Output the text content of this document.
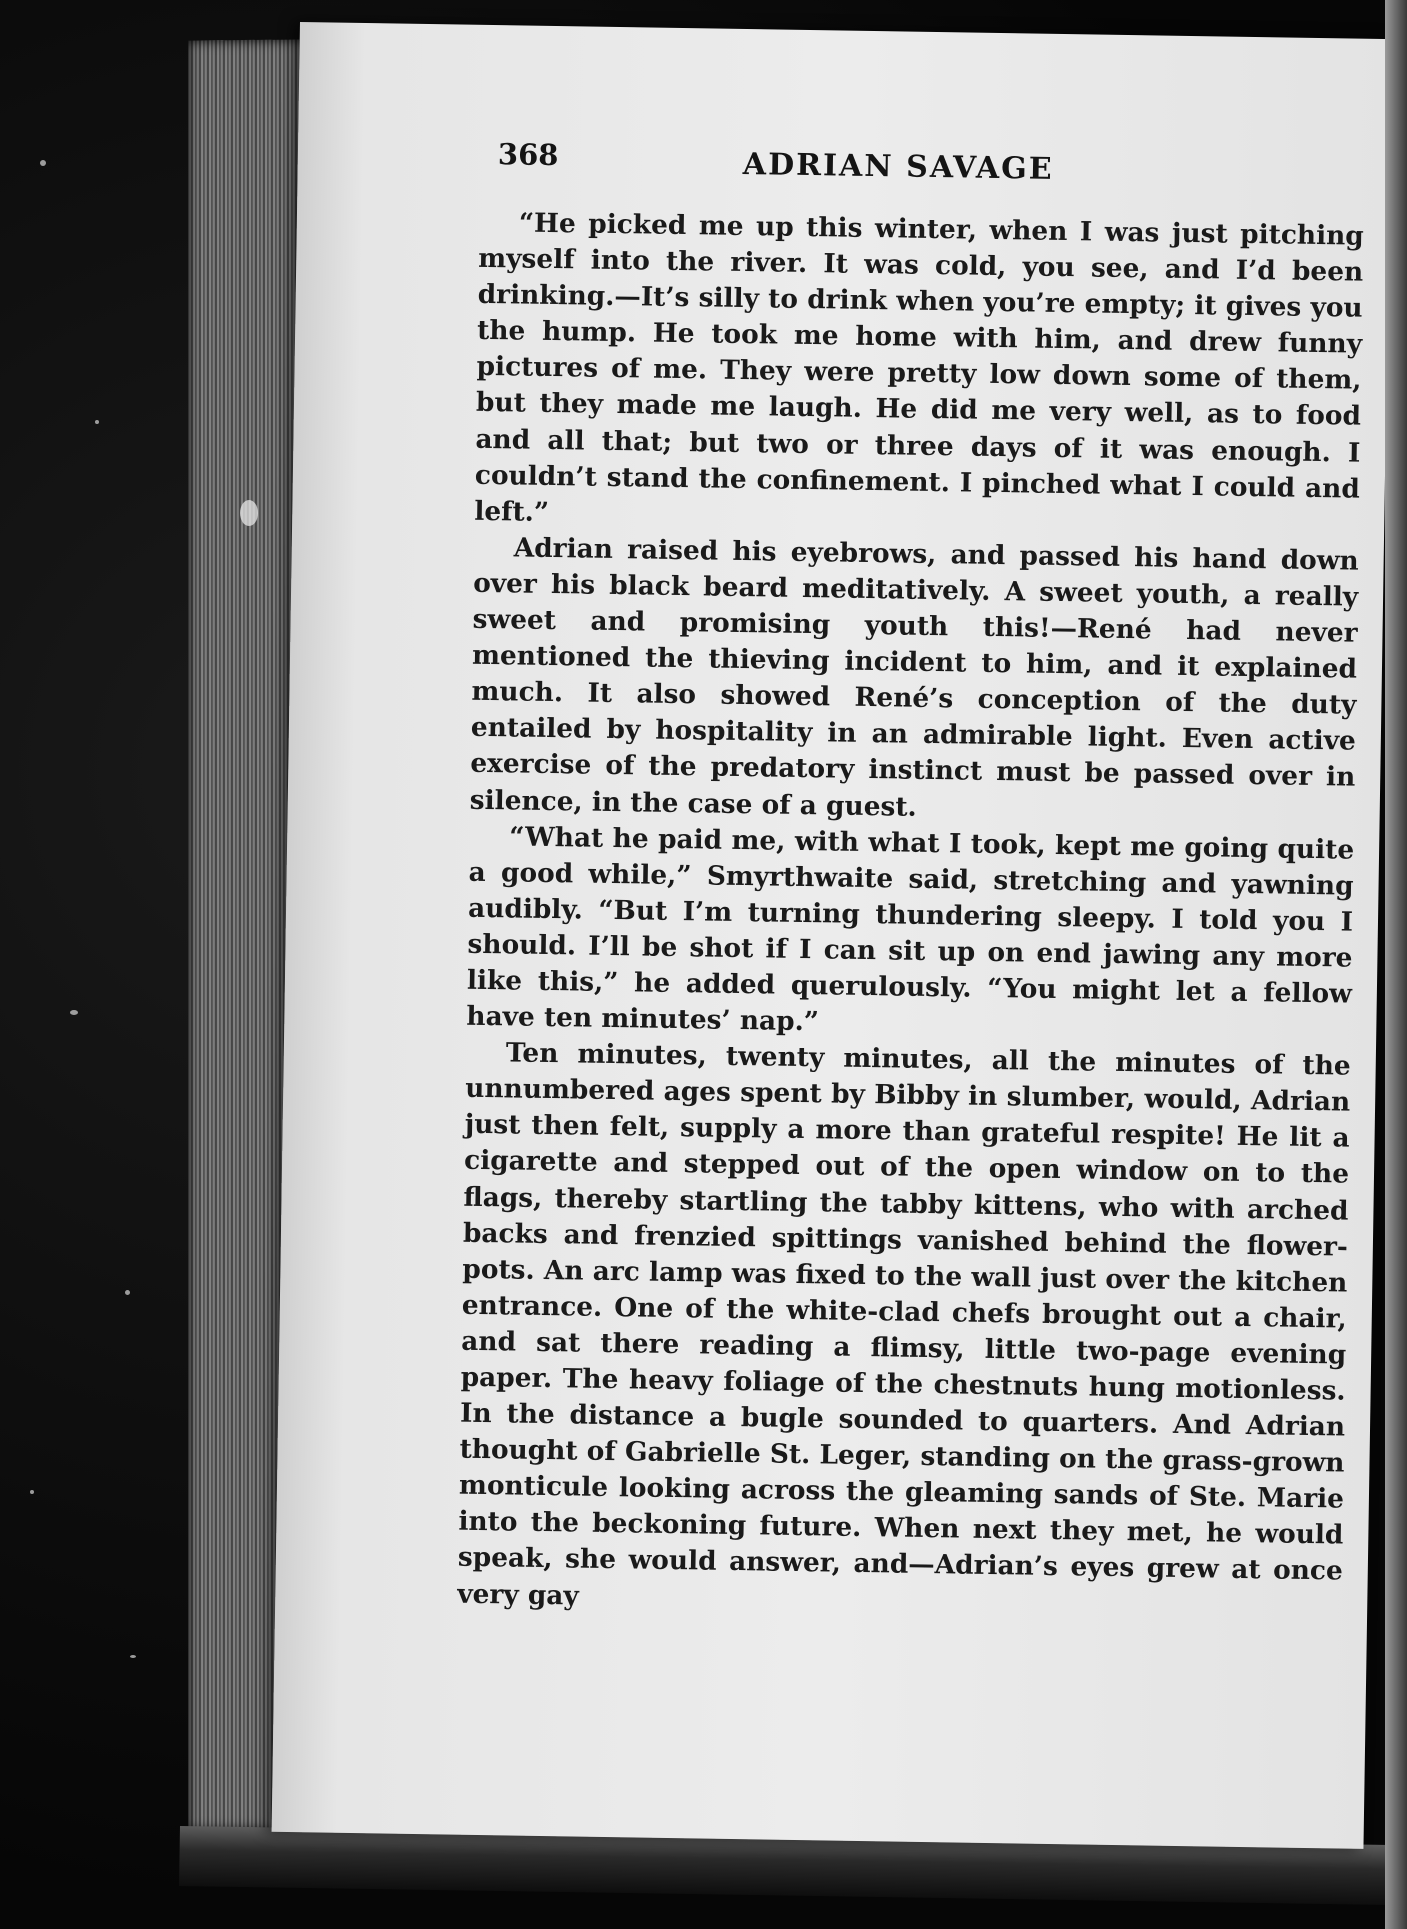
368	ADRIAN SAVAGE

“He picked me up this winter, when I was just pitching myself into the river. It was cold, you see, and I’d been drinking.—It’s silly to drink when you’re empty; it gives you the hump. He took me home with him, and drew funny pictures of me. They were pretty low down some of them, but they made me laugh. He did me very well, as to food and all that; but two or three days of it was enough. I couldn’t stand the confinement. I pinched what I could and left.”

Adrian raised his eyebrows, and passed his hand down over his black beard meditatively. A sweet youth, a really sweet and promising youth this!—René had never mentioned the thieving incident to him, and it explained much. It also showed René’s conception of the duty entailed by hospitality in an admirable light. Even active exercise of the predatory instinct must be passed over in silence, in the case of a guest.

“What he paid me, with what I took, kept me going quite a good while,” Smyrthwaite said, stretching and yawning audibly. “But I’m turning thundering sleepy. I told you I should. I’ll be shot if I can sit up on end jawing any more like this,” he added querulously. “You might let a fellow have ten minutes’ nap.”

Ten minutes, twenty minutes, all the minutes of the unnumbered ages spent by Bibby in slumber, would, Adrian just then felt, supply a more than grateful respite! He lit a cigarette and stepped out of the open window on to the flags, thereby startling the tabby kittens, who with arched backs and frenzied spittings vanished behind the flower-pots. An arc lamp was fixed to the wall just over the kitchen entrance. One of the white-clad chefs brought out a chair, and sat there reading a flimsy, little two-page evening paper. The heavy foliage of the chestnuts hung motionless. In the distance a bugle sounded to quarters. And Adrian thought of Gabrielle St. Leger, standing on the grass-grown monticule looking across the gleaming sands of Ste. Marie into the beckoning future. When next they met, he would speak, she would answer, and—Adrian’s eyes grew at once very gay
